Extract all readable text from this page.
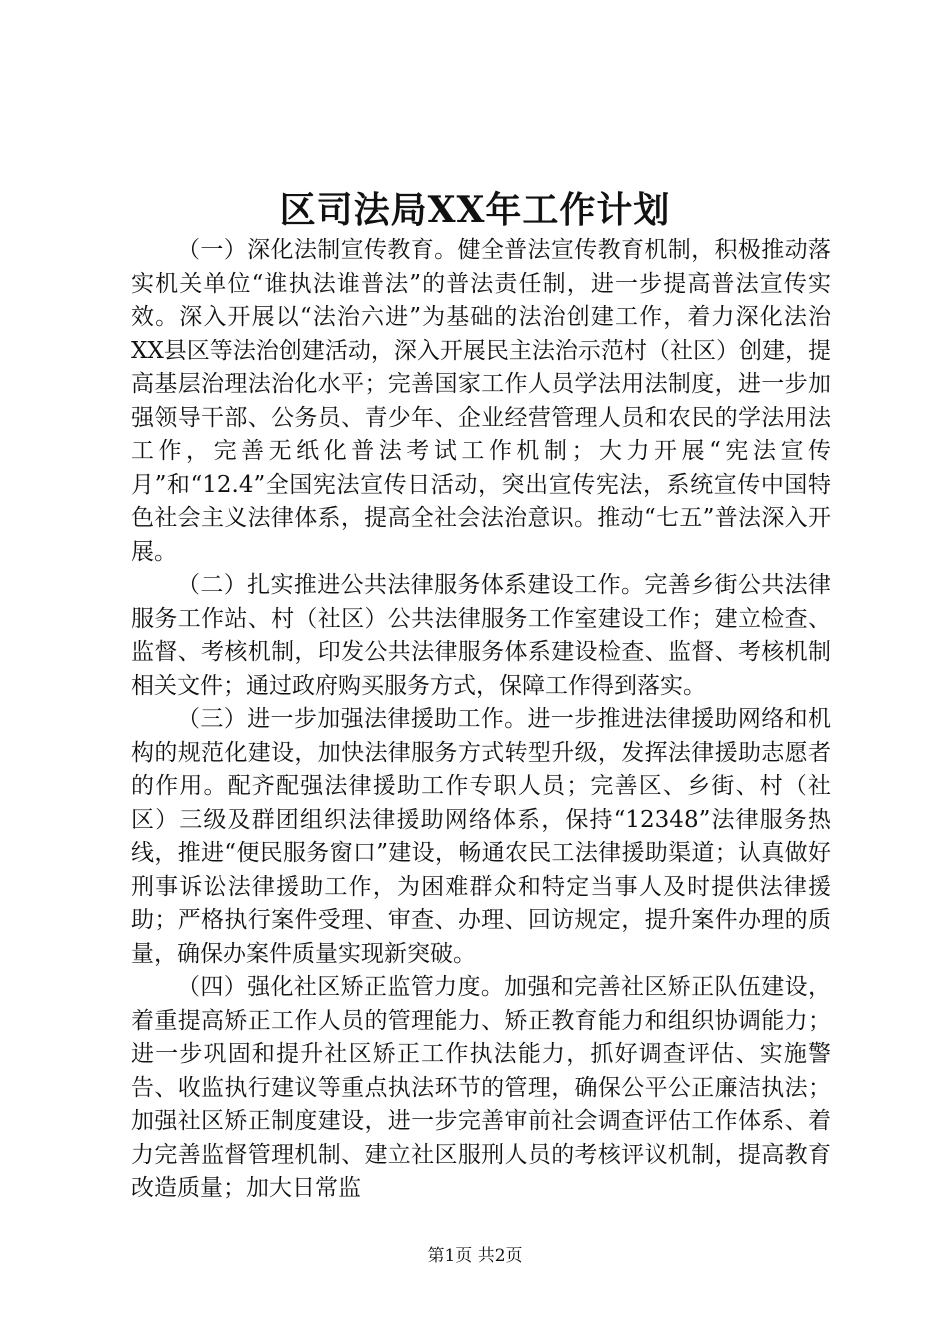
区司法局XX年工作计划

（一）深化法制宣传教育。健全普法宣传教育机制，积极推动落实机关单位“谁执法谁普法”的普法责任制，进一步提高普法宣传实效。深入开展以“法治六进”为基础的法治创建工作，着力深化法治XX县区等法治创建活动，深入开展民主法治示范村（社区）创建，提高基层治理法治化水平；完善国家工作人员学法用法制度，进一步加强领导干部、公务员、青少年、企业经营管理人员和农民的学法用法工作，完善无纸化普法考试工作机制；大力开展“宪法宣传月”和“12.4”全国宪法宣传日活动，突出宣传宪法，系统宣传中国特色社会主义法律体系，提高全社会法治意识。推动“七五”普法深入开展。

（二）扎实推进公共法律服务体系建设工作。完善乡街公共法律服务工作站、村（社区）公共法律服务工作室建设工作；建立检查、监督、考核机制，印发公共法律服务体系建设检查、监督、考核机制相关文件；通过政府购买服务方式，保障工作得到落实。

（三）进一步加强法律援助工作。进一步推进法律援助网络和机构的规范化建设，加快法律服务方式转型升级，发挥法律援助志愿者的作用。配齐配强法律援助工作专职人员；完善区、乡街、村（社区）三级及群团组织法律援助网络体系，保持“12348”法律服务热线，推进“便民服务窗口”建设，畅通农民工法律援助渠道；认真做好刑事诉讼法律援助工作，为困难群众和特定当事人及时提供法律援助；严格执行案件受理、审查、办理、回访规定，提升案件办理的质量，确保办案件质量实现新突破。

（四）强化社区矫正监管力度。加强和完善社区矫正队伍建设，着重提高矫正工作人员的管理能力、矫正教育能力和组织协调能力；进一步巩固和提升社区矫正工作执法能力，抓好调查评估、实施警告、收监执行建议等重点执法环节的管理，确保公平公正廉洁执法；加强社区矫正制度建设，进一步完善审前社会调查评估工作体系、着力完善监督管理机制、建立社区服刑人员的考核评议机制，提高教育改造质量；加大日常监

第1页 共2页
